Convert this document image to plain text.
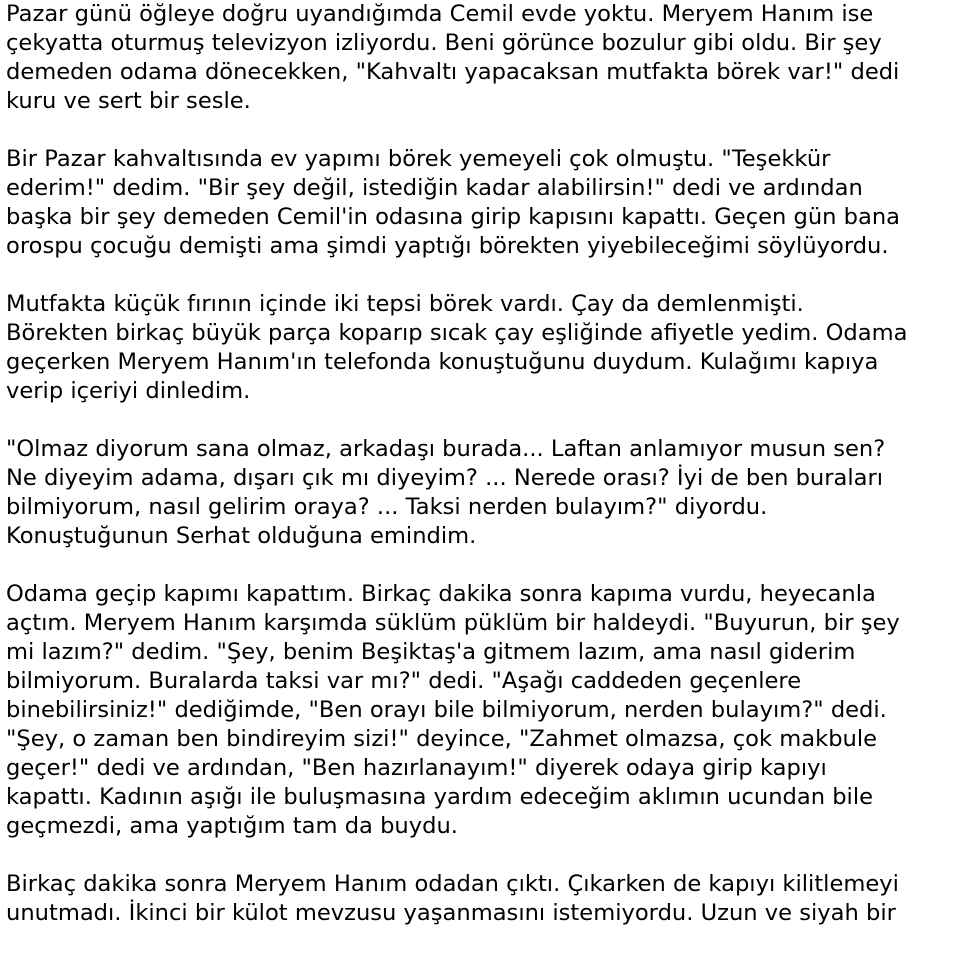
Pazar günü öğleye doğru uyandığımda Cemil evde yoktu. Meryem Hanım ise
çekyatta oturmuş televizyon izliyordu. Beni görünce bozulur gibi oldu. Bir şey
demeden odama dönecekken, "Kahvaltı yapacaksan mutfakta börek var!" dedi
kuru ve sert bir sesle.
Bir Pazar kahvaltısında ev yapımı börek yemeyeli çok olmuştu. "Teşekkür
ederim!" dedim. "Bir şey değil, istediğin kadar alabilirsin!" dedi ve ardından
başka bir şey demeden Cemil'in odasına girip kapısını kapattı. Geçen gün bana
orospu çocuğu demişti ama şimdi yaptığı börekten yiyebileceğimi söylüyordu.
Mutfakta küçük fırının içinde iki tepsi börek vardı. Çay da demlenmişti.
Börekten birkaç büyük parça koparıp sıcak çay eşliğinde afiyetle yedim. Odama
geçerken Meryem Hanım'ın telefonda konuştuğunu duydum. Kulağımı kapıya
verip içeriyi dinledim.
"Olmaz diyorum sana olmaz, arkadaşı burada... Laftan anlamıyor musun sen?
Ne diyeyim adama, dışarı çık mı diyeyim? ... Nerede orası? İyi de ben buraları
bilmiyorum, nasıl gelirim oraya? ... Taksi nerden bulayım?" diyordu.
Konuştuğunun Serhat olduğuna emindim.
Odama geçip kapımı kapattım. Birkaç dakika sonra kapıma vurdu, heyecanla
açtım. Meryem Hanım karşımda süklüm püklüm bir haldeydi. "Buyurun, bir şey
mi lazım?" dedim. "Şey, benim Beşiktaş'a gitmem lazım, ama nasıl giderim
bilmiyorum. Buralarda taksi var mı?" dedi. "Aşağı caddeden geçenlere
binebilirsiniz!" dediğimde, "Ben orayı bile bilmiyorum, nerden bulayım?" dedi.
"Şey, o zaman ben bindireyim sizi!" deyince, "Zahmet olmazsa, çok makbule
geçer!" dedi ve ardından, "Ben hazırlanayım!" diyerek odaya girip kapıyı
kapattı. Kadının aşığı ile buluşmasına yardım edeceğim aklımın ucundan bile
geçmezdi, ama yaptığım tam da buydu.
Birkaç dakika sonra Meryem Hanım odadan çıktı. Çıkarken de kapıyı kilitlemeyi
unutmadı. İkinci bir külot mevzusu yaşanmasını istemiyordu. Uzun ve siyah bir
